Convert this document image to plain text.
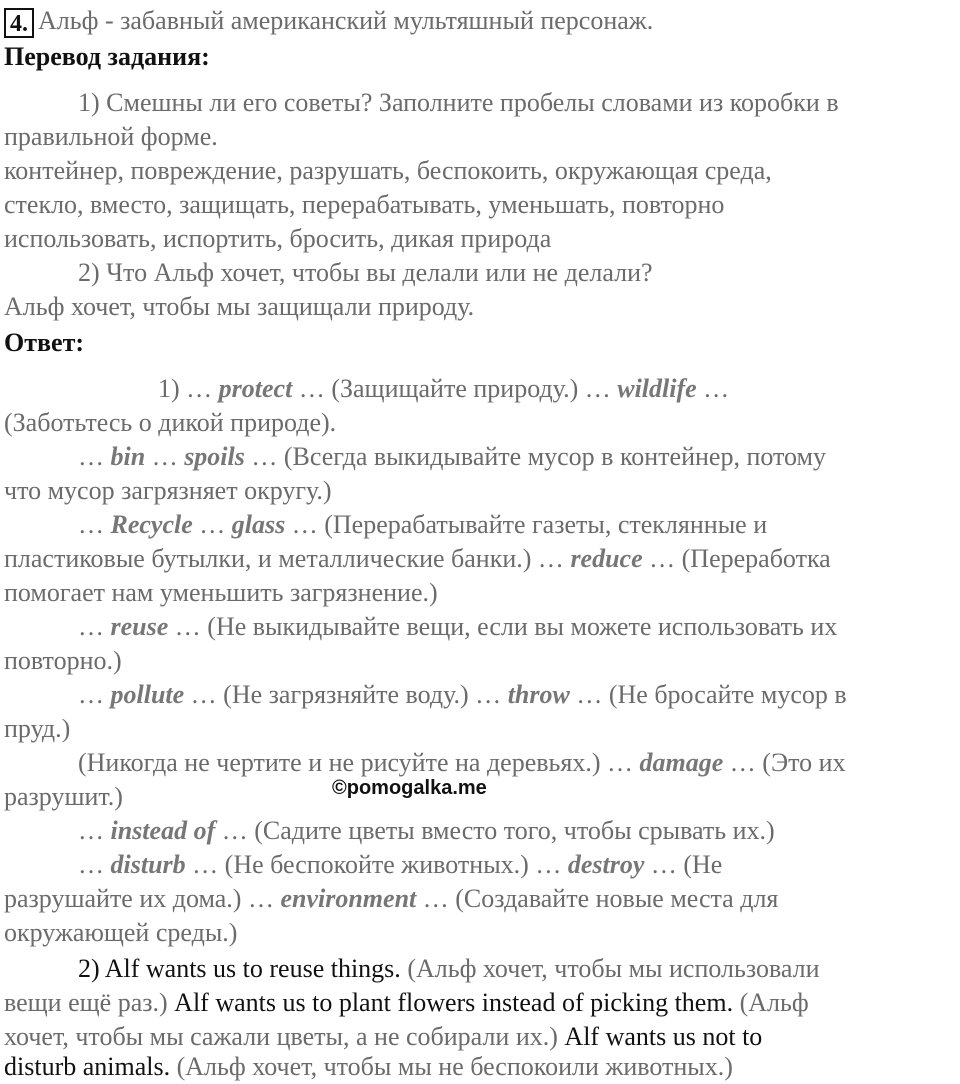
4. Альф - забавный американский мультяшный персонаж.
Перевод задания:
1) Смешны ли его советы? Заполните пробелы словами из коробки в
правильной форме.
контейнер, повреждение, разрушать, беспокоить, окружающая среда,
стекло, вместо, защищать, перерабатывать, уменьшать, повторно
использовать, испортить, бросить, дикая природа
2) Что Альф хочет, чтобы вы делали или не делали?
Альф хочет, чтобы мы защищали природу.
Ответ:
1) … protect … (Защищайте природу.) … wildlife …
(Заботьтесь о дикой природе).
… bin … spoils … (Всегда выкидывайте мусор в контейнер, потому
что мусор загрязняет округу.)
… Recycle … glass … (Перерабатывайте газеты, стеклянные и
пластиковые бутылки, и металлические банки.) … reduce … (Переработка
помогает нам уменьшить загрязнение.)
… reuse … (Не выкидывайте вещи, если вы можете использовать их
повторно.)
… pollute … (Не загрязняйте воду.) … throw … (Не бросайте мусор в
пруд.)
(Никогда не чертите и не рисуйте на деревьях.) … damage … (Это их
разрушит.)
… instead of … (Садите цветы вместо того, чтобы срывать их.)
… disturb … (Не беспокойте животных.) … destroy … (Не
разрушайте их дома.) … environment … (Создавайте новые места для
окружающей среды.)
2) Alf wants us to reuse things. (Альф хочет, чтобы мы использовали
вещи ещё раз.) Alf wants us to plant flowers instead of picking them. (Альф
хочет, чтобы мы сажали цветы, а не собирали их.) Alf wants us not to
disturb animals. (Альф хочет, чтобы мы не беспокоили животных.)
©pomogalka.me
